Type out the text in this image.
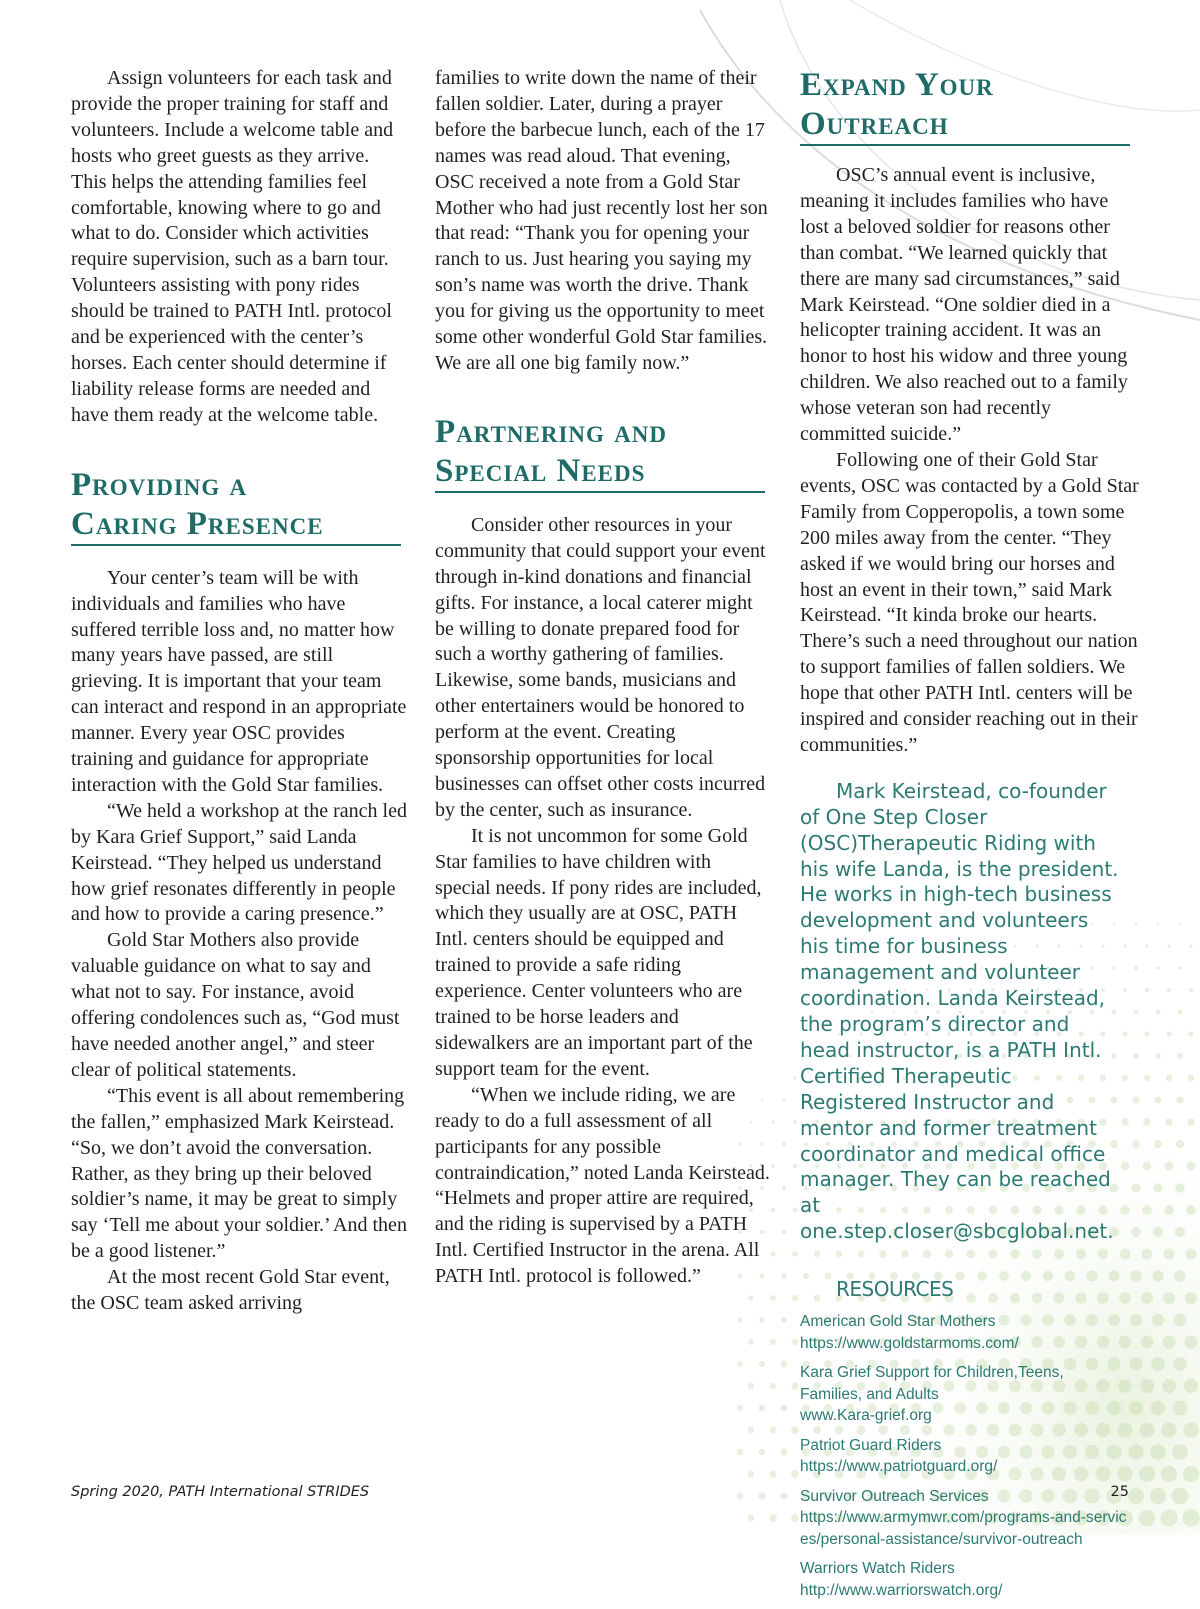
Assign volunteers for each task and provide the proper training for staff and volunteers. Include a welcome table and hosts who greet guests as they arrive. This helps the attending families feel comfortable, knowing where to go and what to do. Consider which activities require supervision, such as a barn tour. Volunteers assisting with pony rides should be trained to PATH Intl. protocol and be experienced with the center’s horses. Each center should determine if liability release forms are needed and have them ready at the welcome table.

Providing a
Caring Presence

Your center’s team will be with individuals and families who have suffered terrible loss and, no matter how many years have passed, are still grieving. It is important that your team can interact and respond in an appropriate manner. Every year OSC provides training and guidance for appropriate interaction with the Gold Star families.

“We held a workshop at the ranch led by Kara Grief Support,” said Landa Keirstead. “They helped us understand how grief resonates differently in people and how to provide a caring presence.”

Gold Star Mothers also provide valuable guidance on what to say and what not to say. For instance, avoid offering condolences such as, “God must have needed another angel,” and steer clear of political statements.

“This event is all about remembering the fallen,” emphasized Mark Keirstead. “So, we don’t avoid the conversation. Rather, as they bring up their beloved soldier’s name, it may be great to simply say ‘Tell me about your soldier.’ And then be a good listener.”

At the most recent Gold Star event, the OSC team asked arriving

families to write down the name of their fallen soldier. Later, during a prayer before the barbecue lunch, each of the 17 names was read aloud. That evening, OSC received a note from a Gold Star Mother who had just recently lost her son that read: “Thank you for opening your ranch to us. Just hearing you saying my son’s name was worth the drive. Thank you for giving us the opportunity to meet some other wonderful Gold Star families. We are all one big family now.”

Partnering and
Special Needs

Consider other resources in your community that could support your event through in-kind donations and financial gifts. For instance, a local caterer might be willing to donate prepared food for such a worthy gathering of families. Likewise, some bands, musicians and other entertainers would be honored to perform at the event. Creating sponsorship opportunities for local businesses can offset other costs incurred by the center, such as insurance.

It is not uncommon for some Gold Star families to have children with special needs. If pony rides are included, which they usually are at OSC, PATH Intl. centers should be equipped and trained to provide a safe riding experience. Center volunteers who are trained to be horse leaders and sidewalkers are an important part of the support team for the event.

“When we include riding, we are ready to do a full assessment of all participants for any possible contraindication,” noted Landa Keirstead. “Helmets and proper attire are required, and the riding is supervised by a PATH Intl. Certified Instructor in the arena. All PATH Intl. protocol is followed.”

Expand Your
Outreach

OSC’s annual event is inclusive, meaning it includes families who have lost a beloved soldier for reasons other than combat. “We learned quickly that there are many sad circumstances,” said Mark Keirstead. “One soldier died in a helicopter training accident. It was an honor to host his widow and three young children. We also reached out to a family whose veteran son had recently committed suicide.”

Following one of their Gold Star events, OSC was contacted by a Gold Star Family from Copperopolis, a town some 200 miles away from the center. “They asked if we would bring our horses and host an event in their town,” said Mark Keirstead. “It kinda broke our hearts. There’s such a need throughout our nation to support families of fallen soldiers. We hope that other PATH Intl. centers will be inspired and consider reaching out in their communities.”

Mark Keirstead, co-founder of One Step Closer (OSC)Therapeutic Riding with his wife Landa, is the president. He works in high-tech business development and volunteers his time for business management and volunteer coordination. Landa Keirstead, the program’s director and head instructor, is a PATH Intl. Certified Therapeutic Registered Instructor and mentor and former treatment coordinator and medical office manager. They can be reached at one.step.closer@sbcglobal.net.

RESOURCES

American Gold Star Mothers
https://www.goldstarmoms.com/
Kara Grief Support for Children,Teens, Families, and Adults
www.Kara-grief.org
Patriot Guard Riders
https://www.patriotguard.org/
Survivor Outreach Services
https://www.armymwr.com/programs-and-services/personal-assistance/survivor-outreach
Warriors Watch Riders
http://www.warriorswatch.org/
Spring 2020, PATH International STRIDES	25
